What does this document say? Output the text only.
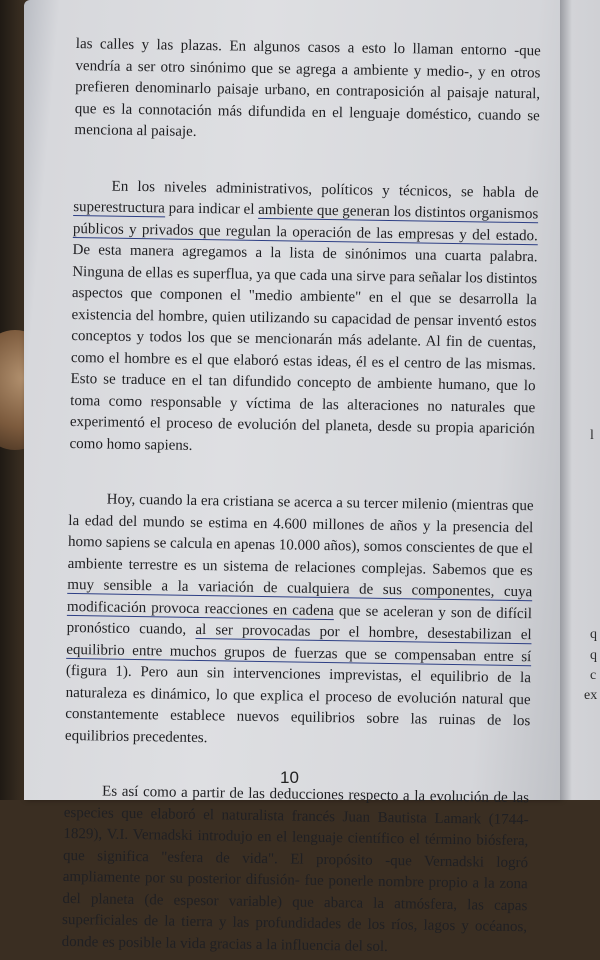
l
q
q
c
ex

las calles y las plazas. En algunos casos a esto lo llaman entorno -que vendría a ser otro sinónimo que se agrega a ambiente y medio-, y en otros prefieren denominarlo paisaje urbano, en contraposición al paisaje natural, que es la connotación más difundida en el lenguaje doméstico, cuando se menciona al paisaje.

En los niveles administrativos, políticos y técnicos, se habla de superestructura para indicar el ambiente que generan los distintos organismos públicos y privados que regulan la operación de las empresas y del estado. De esta manera agregamos a la lista de sinónimos una cuarta palabra. Ninguna de ellas es superflua, ya que cada una sirve para señalar los distintos aspectos que componen el "medio ambiente" en el que se desarrolla la existencia del hombre, quien utilizando su capacidad de pensar inventó estos conceptos y todos los que se mencionarán más adelante. Al fin de cuentas, como el hombre es el que elaboró estas ideas, él es el centro de las mismas. Esto se traduce en el tan difundido concepto de ambiente humano, que lo toma como responsable y víctima de las alteraciones no naturales que experimentó el proceso de evolución del planeta, desde su propia aparición como homo sapiens.

Hoy, cuando la era cristiana se acerca a su tercer milenio (mientras que la edad del mundo se estima en 4.600 millones de años y la presencia del homo sapiens se calcula en apenas 10.000 años), somos conscientes de que el ambiente terrestre es un sistema de relaciones complejas. Sabemos que es muy sensible a la variación de cualquiera de sus componentes, cuya modificación provoca reacciones en cadena que se aceleran y son de difícil pronóstico cuando, al ser provocadas por el hombre, desestabilizan el equilibrio entre muchos grupos de fuerzas que se compensaban entre sí (figura 1). Pero aun sin intervenciones imprevistas, el equilibrio de la naturaleza es dinámico, lo que explica el proceso de evolución natural que constantemente establece nuevos equilibrios sobre las ruinas de los equilibrios precedentes.

Es así como a partir de las deducciones respecto a la evolución de las especies que elaboró el naturalista francés Juan Bautista Lamark (1744-1829), V.I. Vernadski introdujo en el lenguaje científico el término biósfera, que significa "esfera de vida". El propósito -que Vernadski logró ampliamente por su posterior difusión- fue ponerle nombre propio a la zona del planeta (de espesor variable) que abarca la atmósfera, las capas superficiales de la tierra y las profundidades de los ríos, lagos y océanos, donde es posible la vida gracias a la influencia del sol.

10
